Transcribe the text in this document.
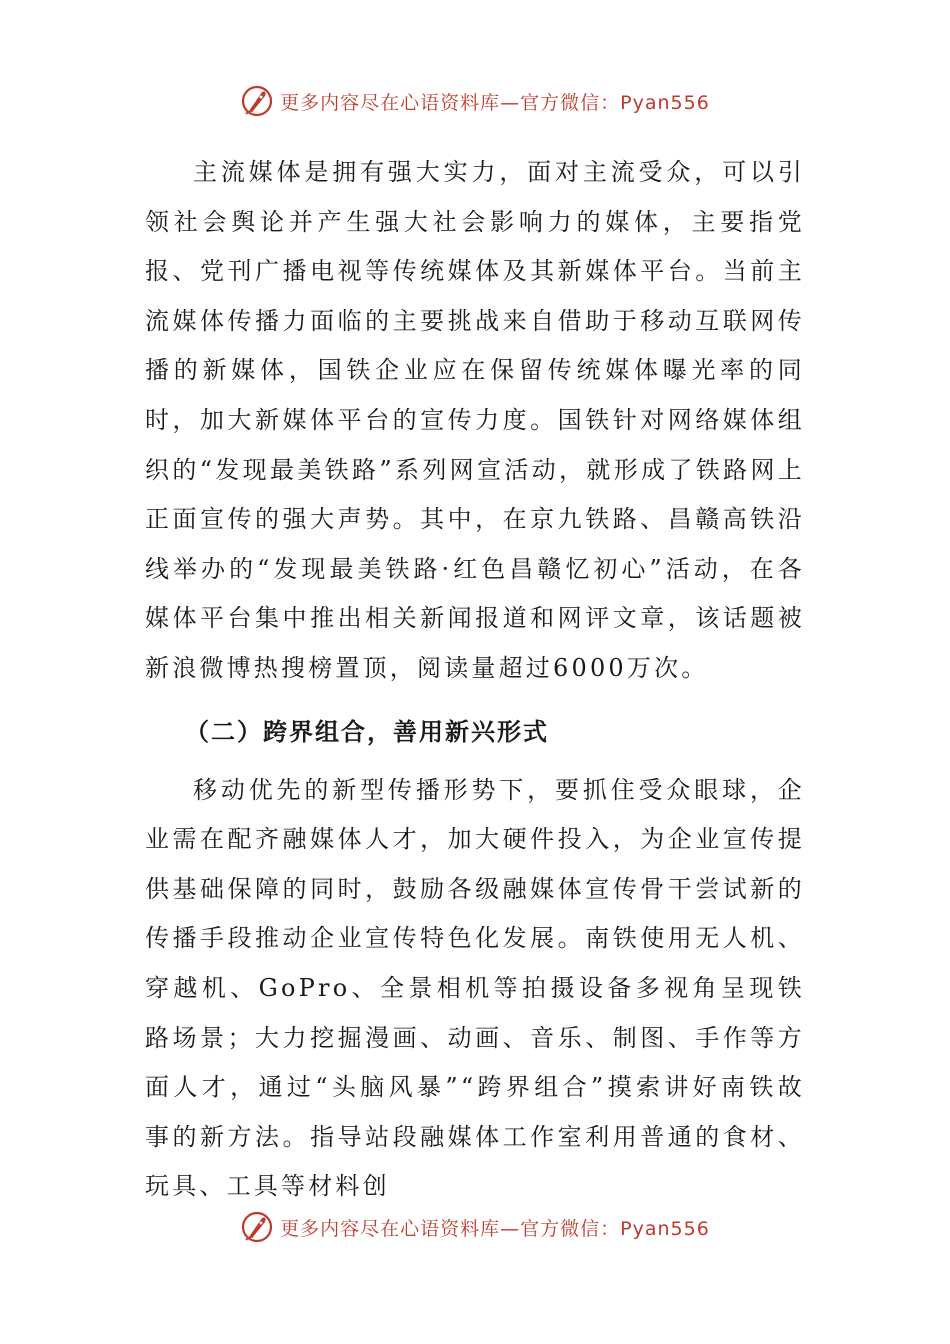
更多内容尽在心语资料库—官方微信：Pyan556

主流媒体是拥有强大实力，面对主流受众，可以引领社会舆论并产生强大社会影响力的媒体，主要指党报、党刊广播电视等传统媒体及其新媒体平台。当前主流媒体传播力面临的主要挑战来自借助于移动互联网传播的新媒体，国铁企业应在保留传统媒体曝光率的同时，加大新媒体平台的宣传力度。国铁针对网络媒体组织的“发现最美铁路”系列网宣活动，就形成了铁路网上正面宣传的强大声势。其中，在京九铁路、昌赣高铁沿线举办的“发现最美铁路·红色昌赣忆初心”活动，在各媒体平台集中推出相关新闻报道和网评文章，该话题被新浪微博热搜榜置顶，阅读量超过6000万次。

（二）跨界组合，善用新兴形式

移动优先的新型传播形势下，要抓住受众眼球，企业需在配齐融媒体人才，加大硬件投入，为企业宣传提供基础保障的同时，鼓励各级融媒体宣传骨干尝试新的传播手段推动企业宣传特色化发展。南铁使用无人机、穿越机、GoPro、全景相机等拍摄设备多视角呈现铁路场景；大力挖掘漫画、动画、音乐、制图、手作等方面人才，通过“头脑风暴”“跨界组合”摸索讲好南铁故事的新方法。指导站段融媒体工作室利用普通的食材、玩具、工具等材料创

更多内容尽在心语资料库—官方微信：Pyan556
